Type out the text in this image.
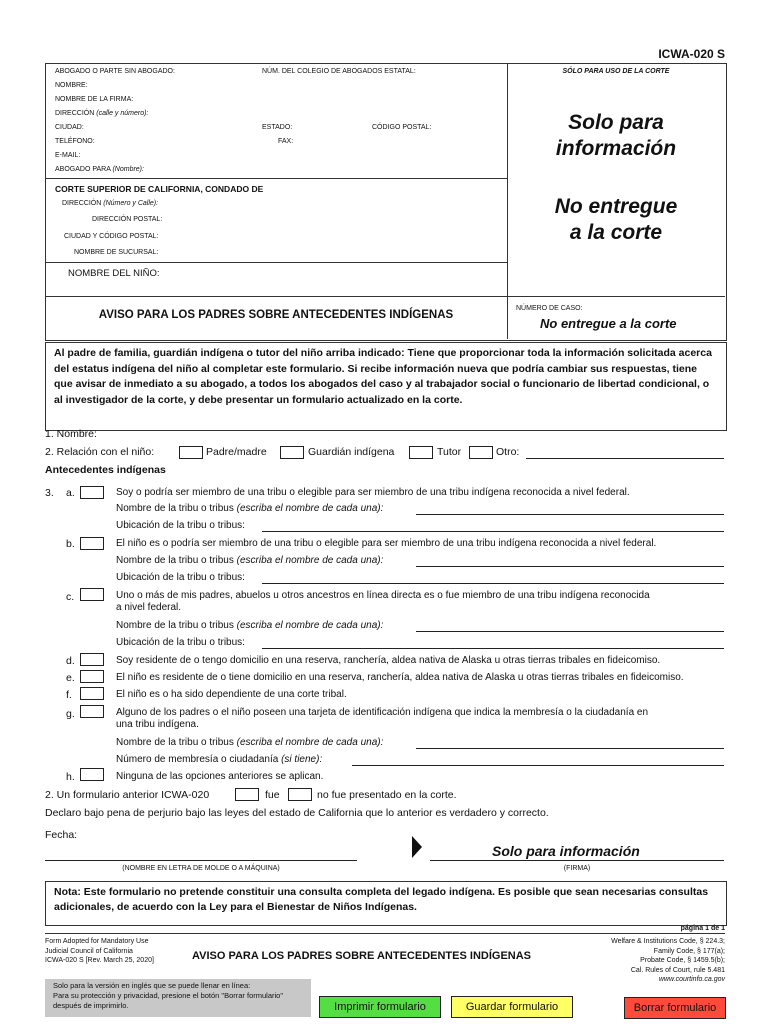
ICWA-020 S
ABOGADO O PARTE SIN ABOGADO:	NÚM. DEL COLEGIO DE ABOGADOS ESTATAL:
NOMBRE:
NOMBRE DE LA FIRMA:
DIRECCIÓN (calle y número):
CIUDAD:	ESTADO:	CÓDIGO POSTAL:
TELÉFONO:	FAX:
E-MAIL:
ABOGADO PARA (Nombre):
SÓLO PARA USO DE LA CORTE
Solo para
información
No entregue
a la corte
CORTE SUPERIOR DE CALIFORNIA, CONDADO DE
DIRECCIÓN (Número y Calle):
DIRECCIÓN POSTAL:
CIUDAD Y CÓDIGO POSTAL:
NOMBRE DE SUCURSAL:
NOMBRE DEL NIÑO:
AVISO PARA LOS PADRES SOBRE ANTECEDENTES INDÍGENAS
NÚMERO DE CASO:
No entregue a la corte
Al padre de familia, guardián indígena o tutor del niño arriba indicado: Tiene que proporcionar toda la información solicitada acerca del estatus indígena del niño al completar este formulario. Si recibe información nueva que podría cambiar sus respuestas, tiene que avisar de inmediato a su abogado, a todos los abogados del caso y al trabajador social o funcionario de libertad condicional, o al investigador de la corte, y debe presentar un formulario actualizado en la corte.
1. Nombre:
2. Relación con el niño:	Padre/madre	Guardián indígena	Tutor	Otro:
Antecedentes indígenas
3. a.	Soy o podría ser miembro de una tribu o elegible para ser miembro de una tribu indígena reconocida a nivel federal.
Nombre de la tribu o tribus (escriba el nombre de cada una):
Ubicación de la tribu o tribus:
b.	El niño es o podría ser miembro de una tribu o elegible para ser miembro de una tribu indígena reconocida a nivel federal.
Nombre de la tribu o tribus (escriba el nombre de cada una):
Ubicación de la tribu o tribus:
c.	Uno o más de mis padres, abuelos u otros ancestros en línea directa es o fue miembro de una tribu indígena reconocida
a nivel federal.
Nombre de la tribu o tribus (escriba el nombre de cada una):
Ubicación de la tribu o tribus:
d.	Soy residente de o tengo domicilio en una reserva, ranchería, aldea nativa de Alaska u otras tierras tribales en fideicomiso.
e.	El niño es residente de o tiene domicilio en una reserva, ranchería, aldea nativa de Alaska u otras tierras tribales en fideicomiso.
f.	El niño es o ha sido dependiente de una corte tribal.
g.	Alguno de los padres o el niño poseen una tarjeta de identificación indígena que indica la membresía o la ciudadanía en
una tribu indígena.
Nombre de la tribu o tribus (escriba el nombre de cada una):
Número de membresía o ciudadanía (si tiene):
h.	Ninguna de las opciones anteriores se aplican.
2. Un formulario anterior ICWA-020	fue	no fue presentado en la corte.
Declaro bajo pena de perjurio bajo las leyes del estado de California que lo anterior es verdadero y correcto.
Fecha:
(NOMBRE EN LETRA DE MOLDE O A MÁQUINA)
Solo para información
(FIRMA)
Nota: Este formulario no pretende constituir una consulta completa del legado indígena. Es posible que sean necesarias consultas adicionales, de acuerdo con la Ley para el Bienestar de Niños Indígenas.
página 1 de 1
Form Adopted for Mandatory Use
Judicial Council of California
ICWA-020 S [Rev. March 25, 2020]	AVISO PARA LOS PADRES SOBRE ANTECEDENTES INDÍGENAS
Welfare & Institutions Code, § 224.3;
Family Code, § 177(a);
Probate Code, § 1459.5(b);
Cal. Rules of Court, rule 5.481
www.courtinfo.ca.gov
Solo para la versión en inglés que se puede llenar en línea:
Para su protección y privacidad, presione el botón "Borrar formulario"
después de imprimirlo.	Imprimir formulario	Guardar formulario	Borrar formulario
